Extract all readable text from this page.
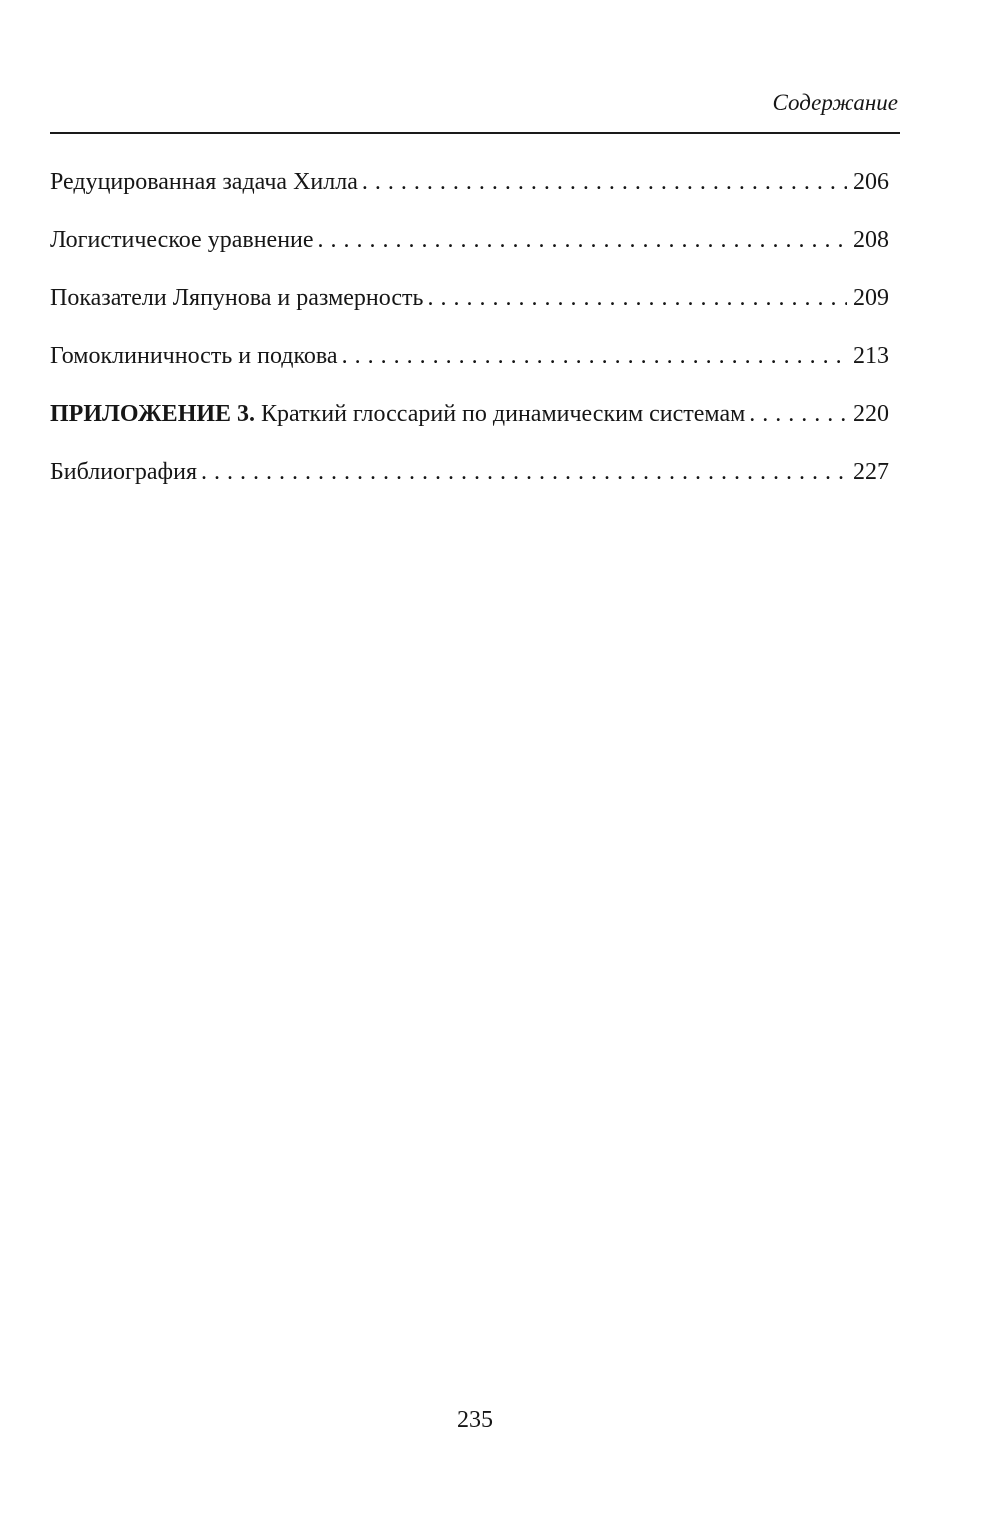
Содержание
Редуцированная задача Хилла . . .	206
Логистическое уравнение . . .	208
Показатели Ляпунова и размерность . . .	209
Гомоклиничность и подкова . . .	213
ПРИЛОЖЕНИЕ 3. Краткий глоссарий по динамическим системам . . .	220
Библиография . . .	227
235
